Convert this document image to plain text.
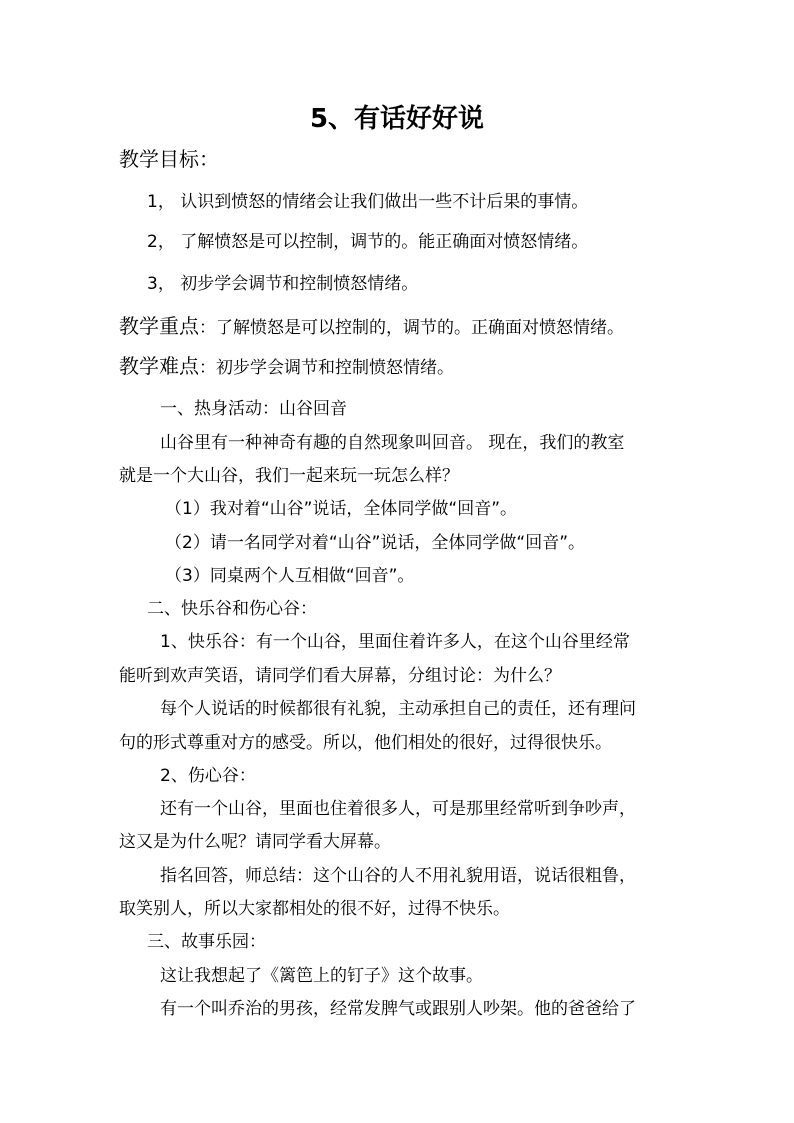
5、有话好好说
教学目标：
1， 认识到愤怒的情绪会让我们做出一些不计后果的事情。
2， 了解愤怒是可以控制，调节的。能正确面对愤怒情绪。
3， 初步学会调节和控制愤怒情绪。
教学重点：了解愤怒是可以控制的，调节的。正确面对愤怒情绪。
教学难点：初步学会调节和控制愤怒情绪。
一、热身活动：山谷回音
山谷里有一种神奇有趣的自然现象叫回音。 现在，我们的教室
就是一个大山谷，我们一起来玩一玩怎么样？
（1）我对着“山谷”说话，全体同学做“回音”。
（2）请一名同学对着“山谷”说话，全体同学做“回音”。
（3）同桌两个人互相做“回音”。
二、快乐谷和伤心谷：
1、快乐谷：有一个山谷，里面住着许多人，在这个山谷里经常
能听到欢声笑语，请同学们看大屏幕，分组讨论：为什么？
每个人说话的时候都很有礼貌，主动承担自己的责任，还有理问
句的形式尊重对方的感受。所以，他们相处的很好，过得很快乐。
2、伤心谷：
还有一个山谷，里面也住着很多人，可是那里经常听到争吵声，
这又是为什么呢？请同学看大屏幕。
指名回答，师总结：这个山谷的人不用礼貌用语，说话很粗鲁，
取笑别人，所以大家都相处的很不好，过得不快乐。
三、故事乐园：
这让我想起了《篱笆上的钉子》这个故事。
有一个叫乔治的男孩，经常发脾气或跟别人吵架。他的爸爸给了
